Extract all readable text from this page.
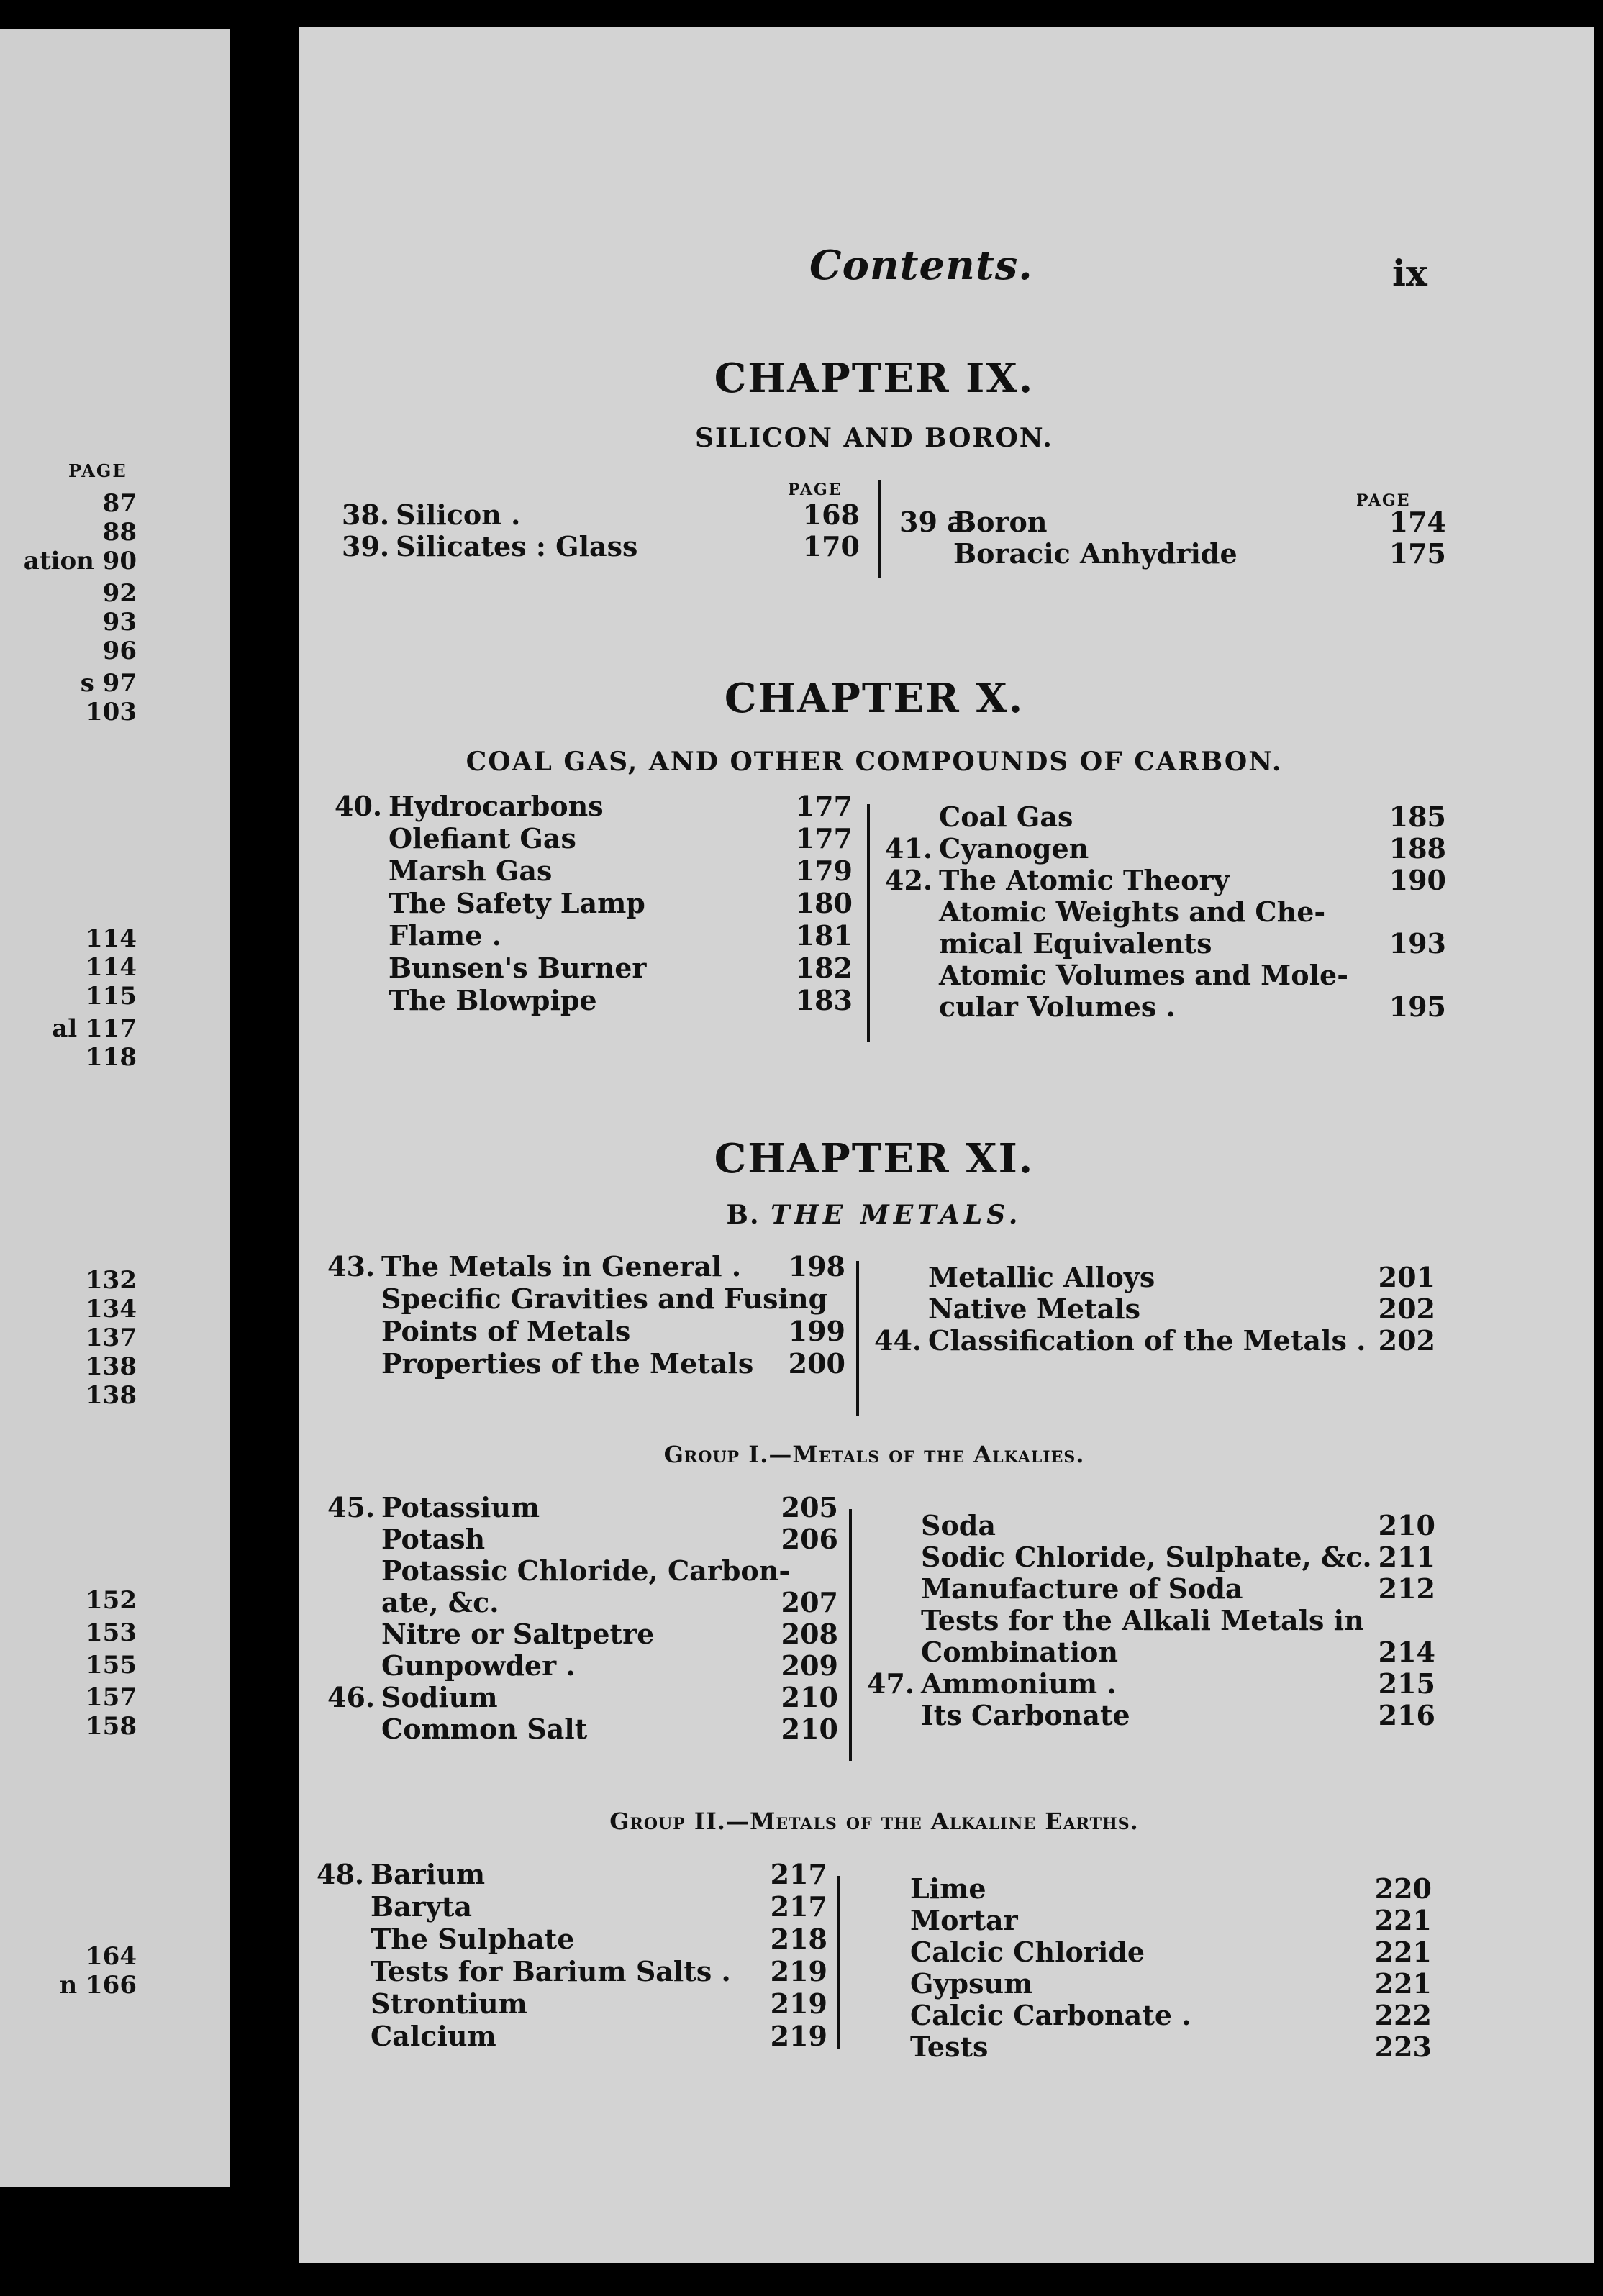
PAGE
87
88
ation 90
92
93
96
s 97
103
114
114
115
al 117
118
132
134
137
138
138
152
153
155
157
158
164
n 166
Contents.	ix
CHAPTER IX.
SILICON AND BORON.
PAGE
PAGE
38. Silicon .	168
39. Silicates : Glass	170
39 a.
Boron	174
Boracic Anhydride	175
CHAPTER X.
COAL GAS, AND OTHER COMPOUNDS OF CARBON.
40. Hydrocarbons	177
Olefiant Gas	177
Marsh Gas	179
The Safety Lamp	180
Flame .	181
Bunsen's Burner	182
The Blowpipe	183
Coal Gas	185
41. Cyanogen	188
42. The Atomic Theory	190
Atomic Weights and Che-
mical Equivalents	193
Atomic Volumes and Mole-
cular Volumes .	195
CHAPTER XI.
B. THE METALS.
43. The Metals in General . 198
Specific Gravities and Fusing
Points of Metals	199
Properties of the Metals 200
Metallic Alloys	201
Native Metals	202
44. Classification of the Metals . 202
Group I.—Metals of the Alkalies.
45. Potassium	205
Potash	206
Potassic Chloride, Carbon-
ate, &c.	207
Nitre or Saltpetre	208
Gunpowder .	209
46. Sodium	210
Common Salt	210
Soda	210
Sodic Chloride, Sulphate, &c. 211
Manufacture of Soda	212
Tests for the Alkali Metals in
Combination	214
47. Ammonium .	215
Its Carbonate	216
Group II.—Metals of the Alkaline Earths.
48. Barium	217
Baryta	217
The Sulphate	218
Tests for Barium Salts . 219
Strontium	219
Calcium	219
Lime	220
Mortar	221
Calcic Chloride	221
Gypsum	221
Calcic Carbonate .	222
Tests	223
